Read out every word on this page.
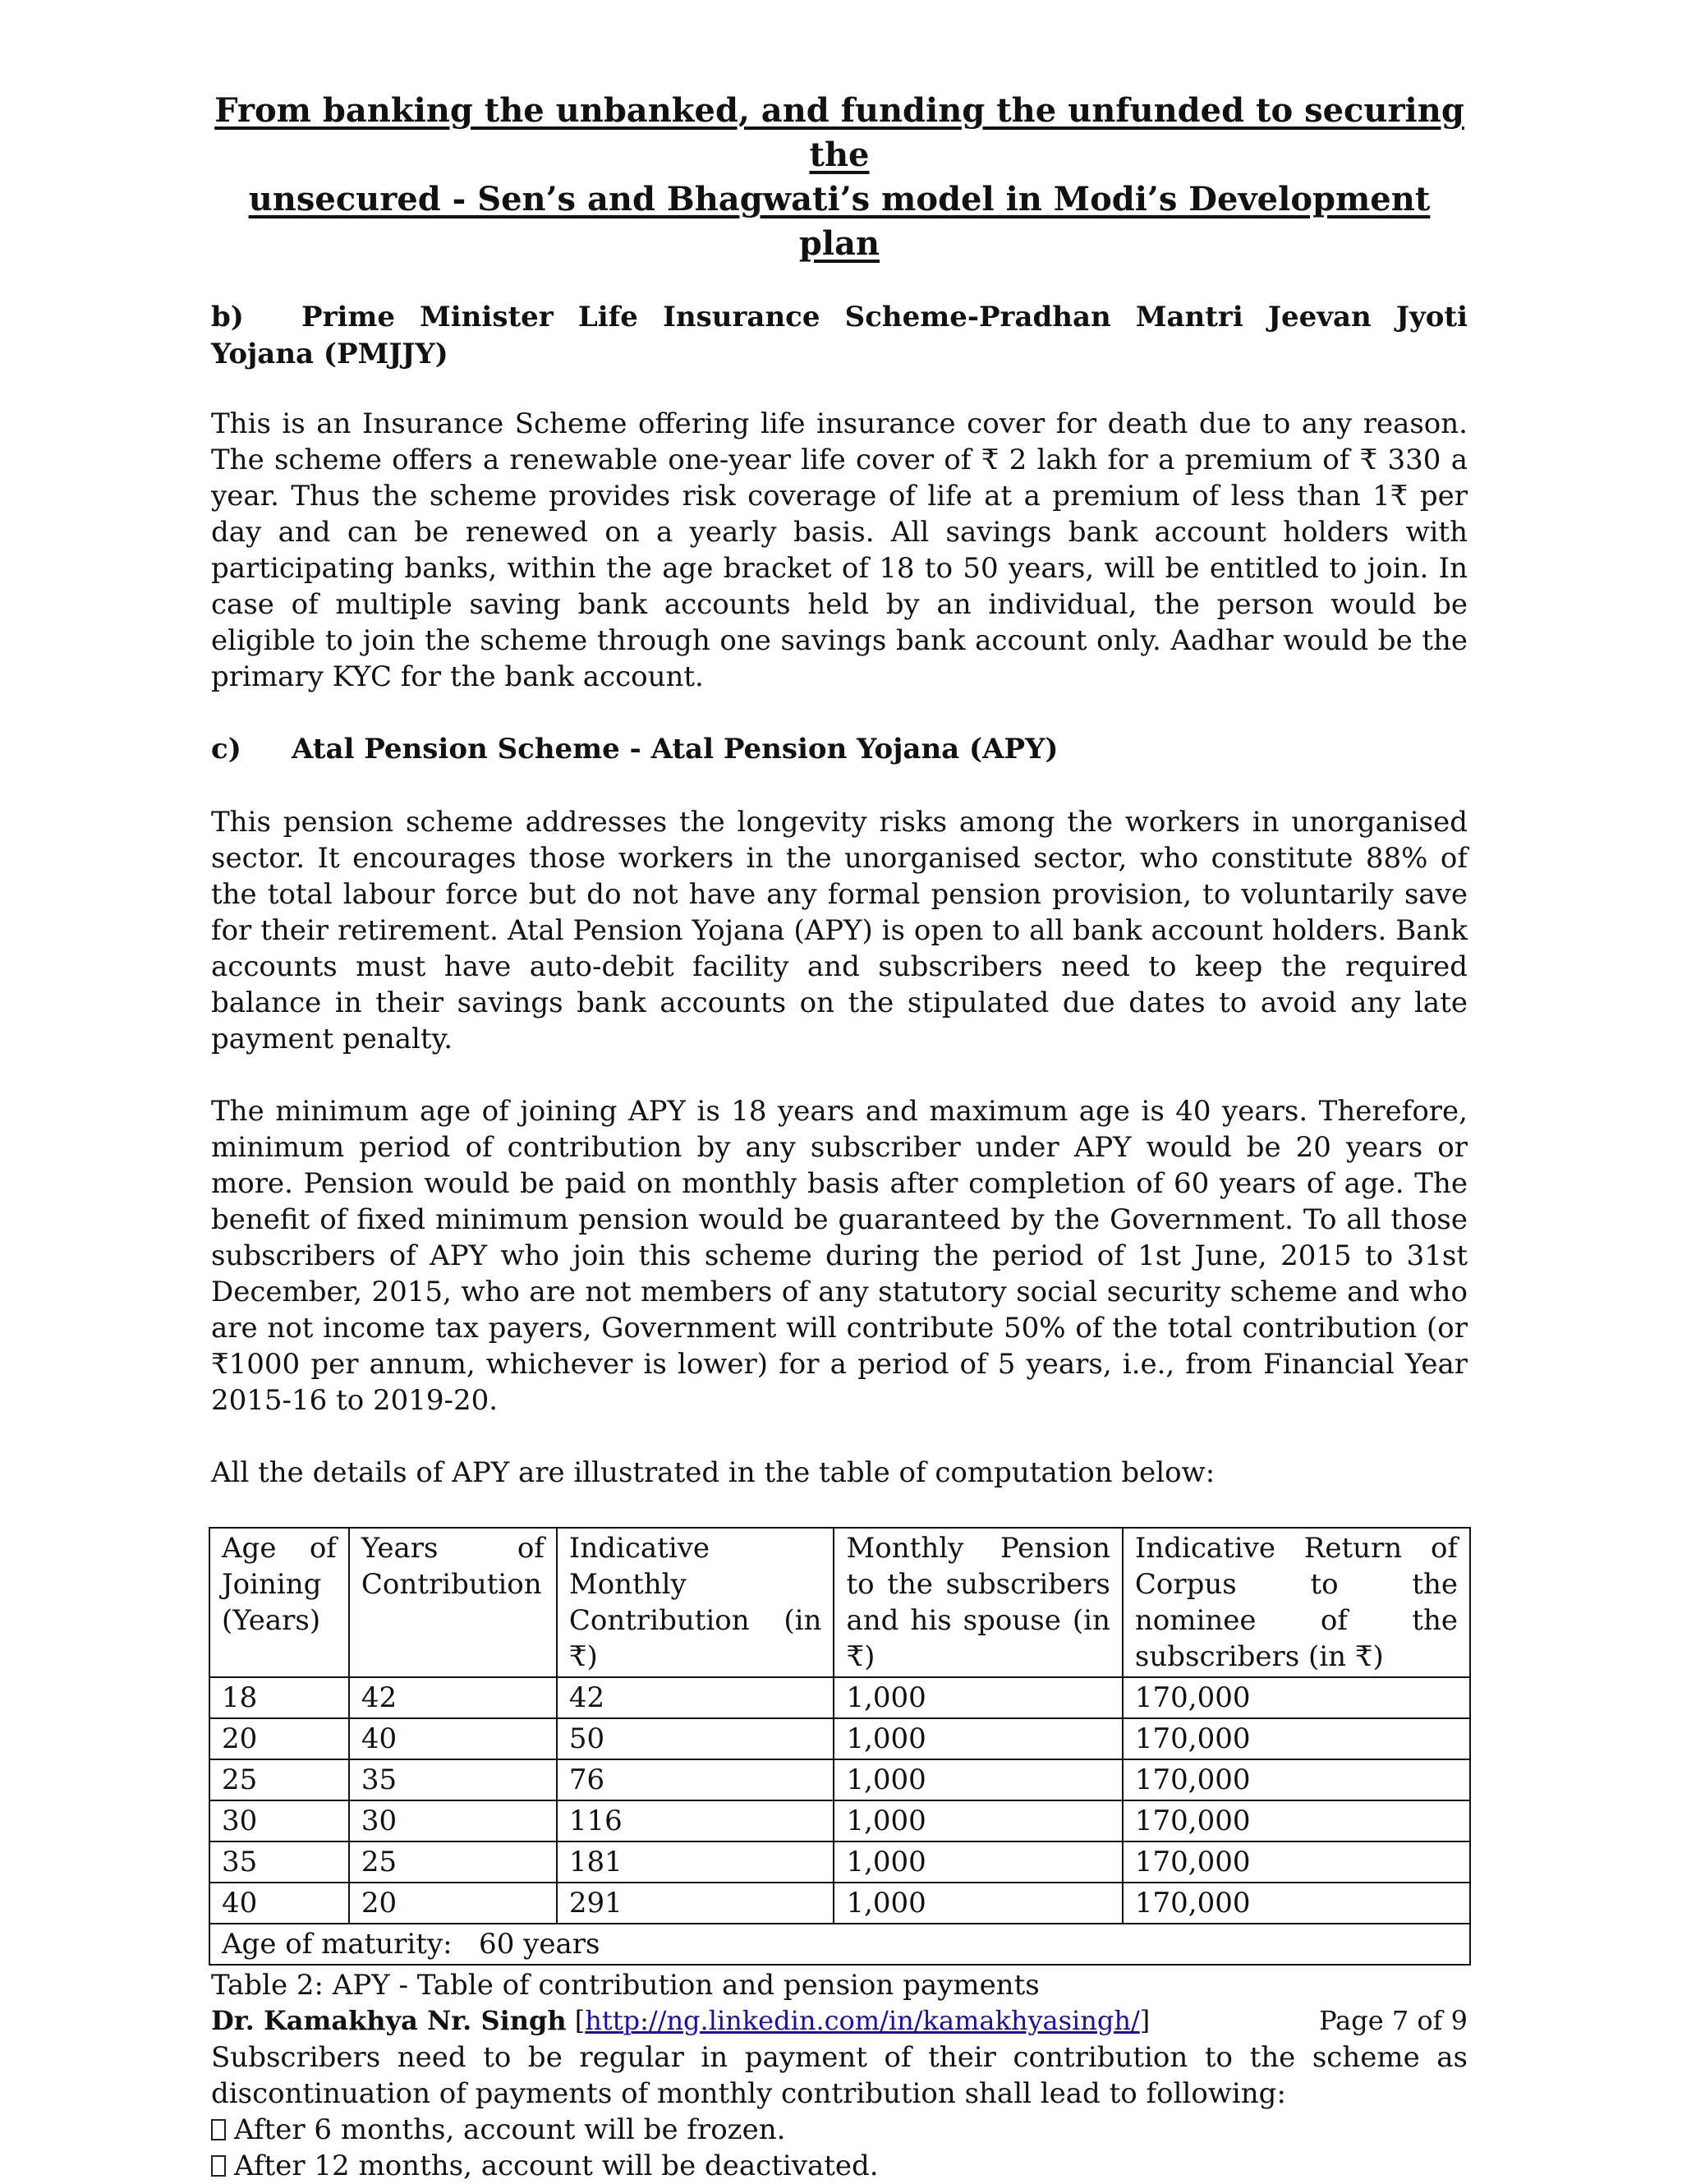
From banking the unbanked, and funding the unfunded to securing the
unsecured - Sen’s and Bhagwati’s model in Modi’s Development plan
b) Prime Minister Life Insurance Scheme-Pradhan Mantri Jeevan Jyoti Yojana (PMJJY)

This is an Insurance Scheme offering life insurance cover for death due to any reason. The scheme offers a renewable one-year life cover of ₹ 2 lakh for a premium of ₹ 330 a year. Thus the scheme provides risk coverage of life at a premium of less than 1₹ per day and can be renewed on a yearly basis. All savings bank account holders with participating banks, within the age bracket of 18 to 50 years, will be entitled to join. In case of multiple saving bank accounts held by an individual, the person would be eligible to join the scheme through one savings bank account only. Aadhar would be the primary KYC for the bank account.

c) Atal Pension Scheme - Atal Pension Yojana (APY)

This pension scheme addresses the longevity risks among the workers in unorganised sector. It encourages those workers in the unorganised sector, who constitute 88% of the total labour force but do not have any formal pension provision, to voluntarily save for their retirement. Atal Pension Yojana (APY) is open to all bank account holders. Bank accounts must have auto-debit facility and subscribers need to keep the required balance in their savings bank accounts on the stipulated due dates to avoid any late payment penalty.

The minimum age of joining APY is 18 years and maximum age is 40 years. Therefore, minimum period of contribution by any subscriber under APY would be 20 years or more. Pension would be paid on monthly basis after completion of 60 years of age. The benefit of fixed minimum pension would be guaranteed by the Government. To all those subscribers of APY who join this scheme during the period of 1st June, 2015 to 31st December, 2015, who are not members of any statutory social security scheme and who are not income tax payers, Government will contribute 50% of the total contribution (or ₹1000 per annum, whichever is lower) for a period of 5 years, i.e., from Financial Year 2015-16 to 2019-20.

All the details of APY are illustrated in the table of computation below:

Age of Joining (Years)	Years of Contribution	Indicative Monthly Contribution (in ₹)	Monthly Pension to the subscribers and his spouse (in ₹)	Indicative Return of Corpus to the nominee of the subscribers (in ₹)
18	42	42	1,000	170,000
20	40	50	1,000	170,000
25	35	76	1,000	170,000
30	30	116	1,000	170,000
35	25	181	1,000	170,000
40	20	291	1,000	170,000
Age of maturity:   60 years				

Table 2: APY - Table of contribution and pension payments

Subscribers need to be regular in payment of their contribution to the scheme as discontinuation of payments of monthly contribution shall lead to following:

After 6 months, account will be frozen.

After 12 months, account will be deactivated.

Dr. Kamakhya Nr. Singh [http://ng.linkedin.com/in/kamakhyasingh/]	Page 7 of 9
